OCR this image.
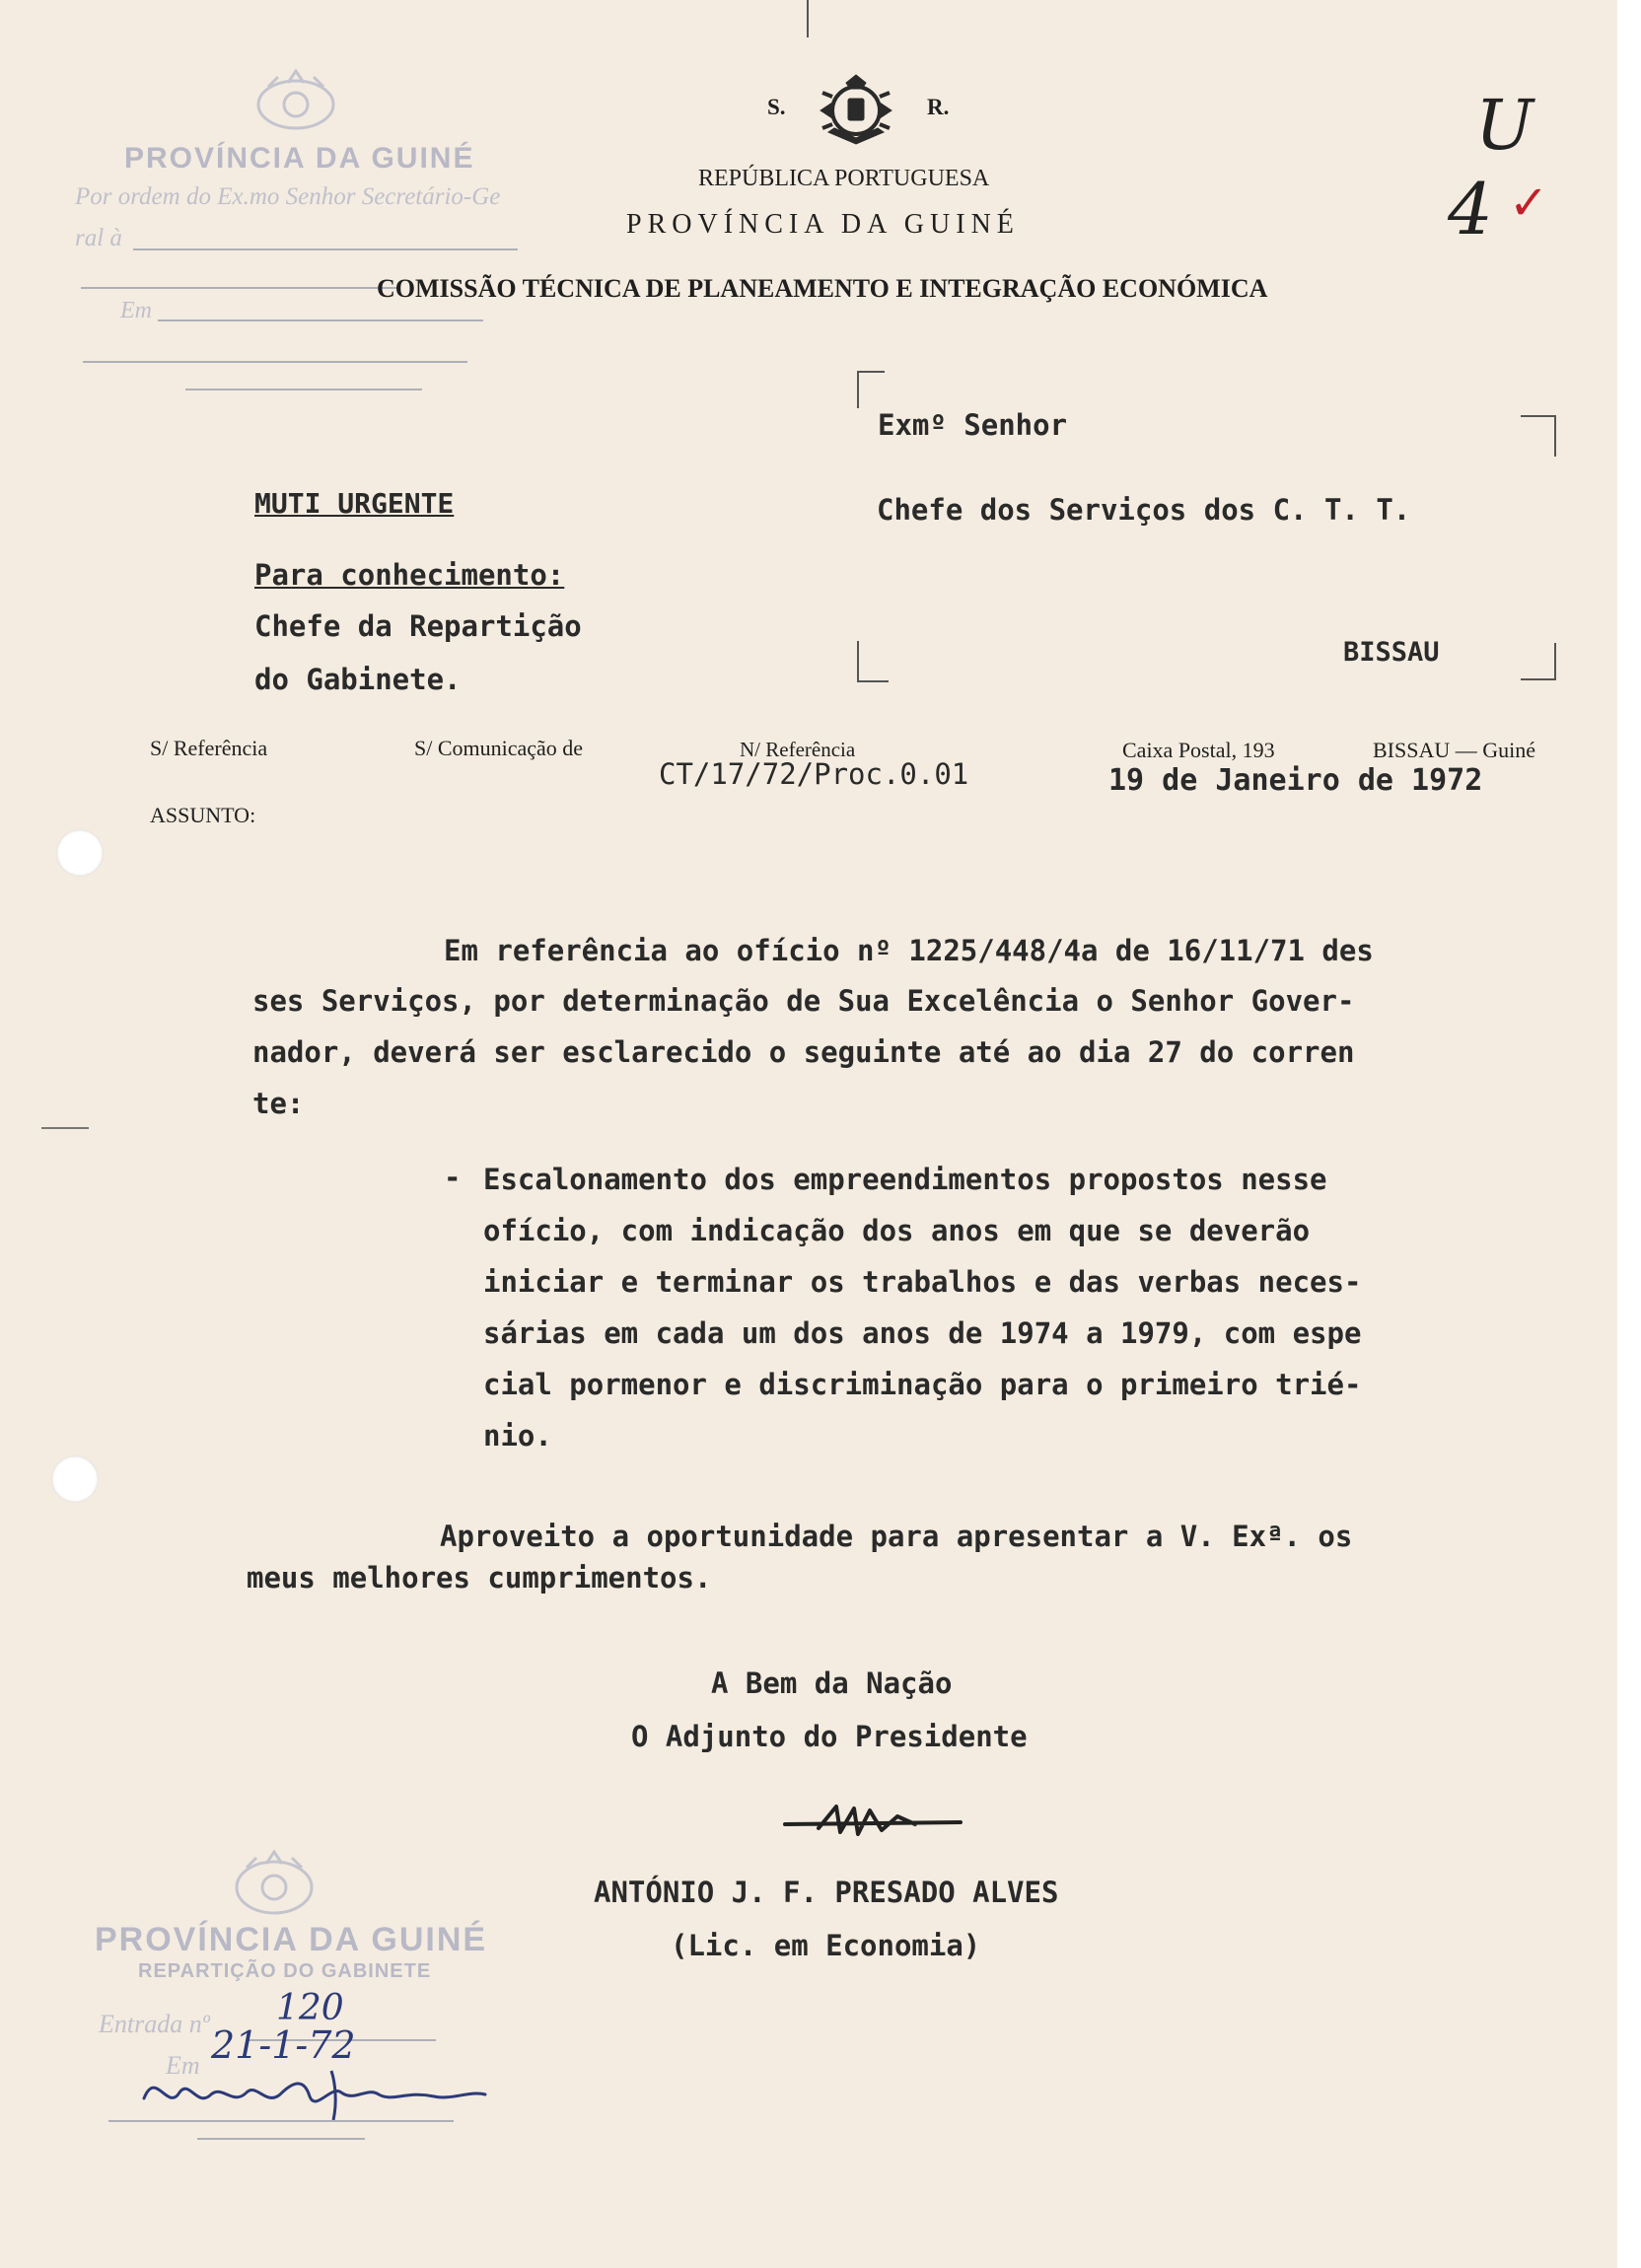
PROVÍNCIA DA GUINÉ
Por ordem do Ex.mo Senhor Secretário-Ge
ral à
Em
S.	R.
REPÚBLICA PORTUGUESA
PROVÍNCIA DA GUINÉ
COMISSÃO TÉCNICA DE PLANEAMENTO E INTEGRAÇÃO ECONÓMICA
U
4 ✓
Exmº Senhor
Chefe dos Serviços dos C. T. T.
BISSAU
MUTI URGENTE
Para conhecimento:
Chefe da Repartição
do Gabinete.
S/ Referência	S/ Comunicação de	N/ Referência
CT/17/72/Proc.0.01
Caixa Postal, 193	BISSAU — Guiné
19 de Janeiro de 1972
ASSUNTO:
Em referência ao ofício nº 1225/448/4a de 16/11/71 des
ses Serviços, por determinação de Sua Excelência o Senhor Gover-
nador, deverá ser esclarecido o seguinte até ao dia 27 do corren
te:
- Escalonamento dos empreendimentos propostos nesse
ofício, com indicação dos anos em que se deverão
iniciar e terminar os trabalhos e das verbas neces-
sárias em cada um dos anos de 1974 a 1979, com espe
cial pormenor e discriminação para o primeiro trié-
nio.
Aproveito a oportunidade para apresentar a V. Exª. os
meus melhores cumprimentos.
A Bem da Nação
O Adjunto do Presidente
ANTÓNIO J. F. PRESADO ALVES
(Lic. em Economia)
PROVÍNCIA DA GUINÉ
REPARTIÇÃO DO GABINETE
Entrada nº 120
Em 21-1-72
